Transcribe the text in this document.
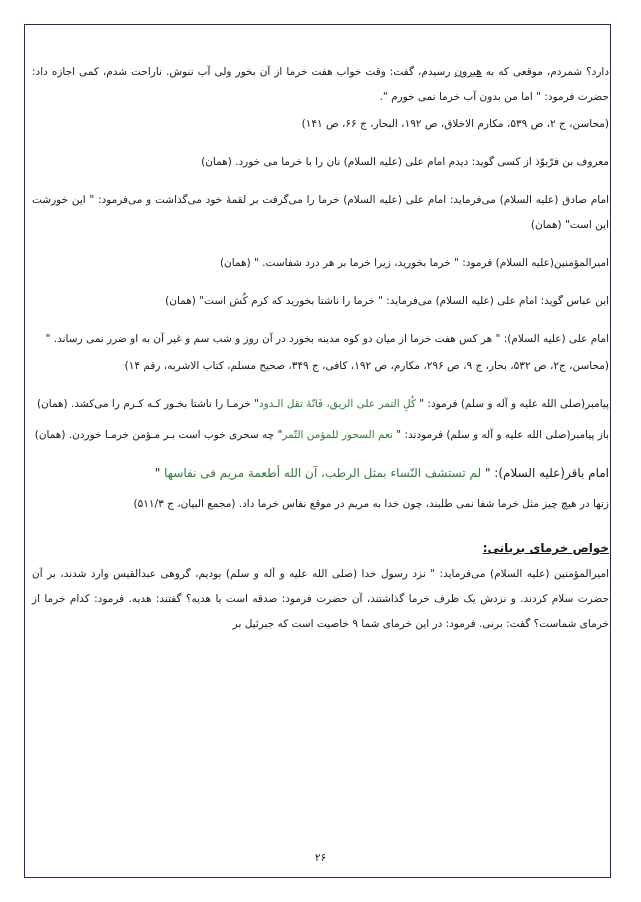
دارد؟ شمردم، موقعی که به هیرون رسیدم، گفت: وقت خواب هفت خرما از آن بخور ولی آب ننوش. ناراحت شدم، کمی اجازه داد: حضرت فرمود: " اما من بدون آب خرما نمی خورم ".

(محاسن، ج ۲، ص ۵۳۹، مکارم الاخلاق، ص ۱۹۲، البحار، ج ۶۶، ص ۱۴۱)

معروف بن فرّبوّذ از کسی گوید: دیدم امام علی (علیه السلام) نان را با خرما می خورد. (همان)

امام صادق (علیه السلام) می‌فرماید: امام علی (علیه السلام) خرما را می‌گرفت بر لقمهٔ خود می‌گذاشت و می‌فرمود: " این خورشت این است" (همان)

امیرالمؤمنین(علیه السلام) فرمود: " خرما بخورید، زیرا خرما بر هر درد شفاست. " (همان)

ابن عباس گوید: امام علی (علیه السلام) می‌فرماید: " خرما را ناشتا بخورید که کرم کُش است" (همان)

امام علی (علیه السلام): " هر کس هفت خرما از میان دو کوه مدینه بخورد در آن روز و شب سم و غیر آن به او ضرر نمی رساند. "

(محاسن، ج۲، ص ۵۳۲، بحار، ج ۹، ص ۲۹۶، مکارم، ص ۱۹۲، کافی، ج ۳۴۹، صحیح مسلم، کتاب الاشربه، رقم ۱۴)

پیامبر(صلی الله علیه و آله و سلم) فرمود: " کُلِ التمر علی الریق، فَانّهٔ تقل الـدود" خرمـا را ناشتا بخـور کـه کـرم را می‌کشد. (همان)

باز پیامبر(صلی الله علیه و آله و سلم) فرمودند: " نعم السحور للمؤمن التّمر" چه سحری خوب است بـر مـؤمن خرمـا خوردن. (همان)

امام باقر(علیه السلام): " لم تستشف النّساء بمثل الرطب، آن الله أطعمة مریم فی نفاسها "

زنها در هیچ چیز مثل خرما شفا نمی طلبند، چون خدا به مریم در موقع نفاس خرما داد. (مجمع البیان، ج ۵۱۱/۳)

خواص خرمای بریانی:

امیرالمؤمنین (علیه السلام) می‌فرماید: " نزد رسول خدا (صلی الله علیه و آله و سلم) بودیم، گروهی عبدالقیس وارد شدند، بر آن حضرت سلام کردند. و نزدش یک ظرف خرما گذاشتند، آن حضرت فرمود: صدقه است یا هدیه؟ گفتند: هدیه. فرمود: کدام خرما از خرمای شماست؟ گفت: برنی. فرمود: در این خرمای شما ۹ خاصیت است که جبرئیل بر

۲۶
